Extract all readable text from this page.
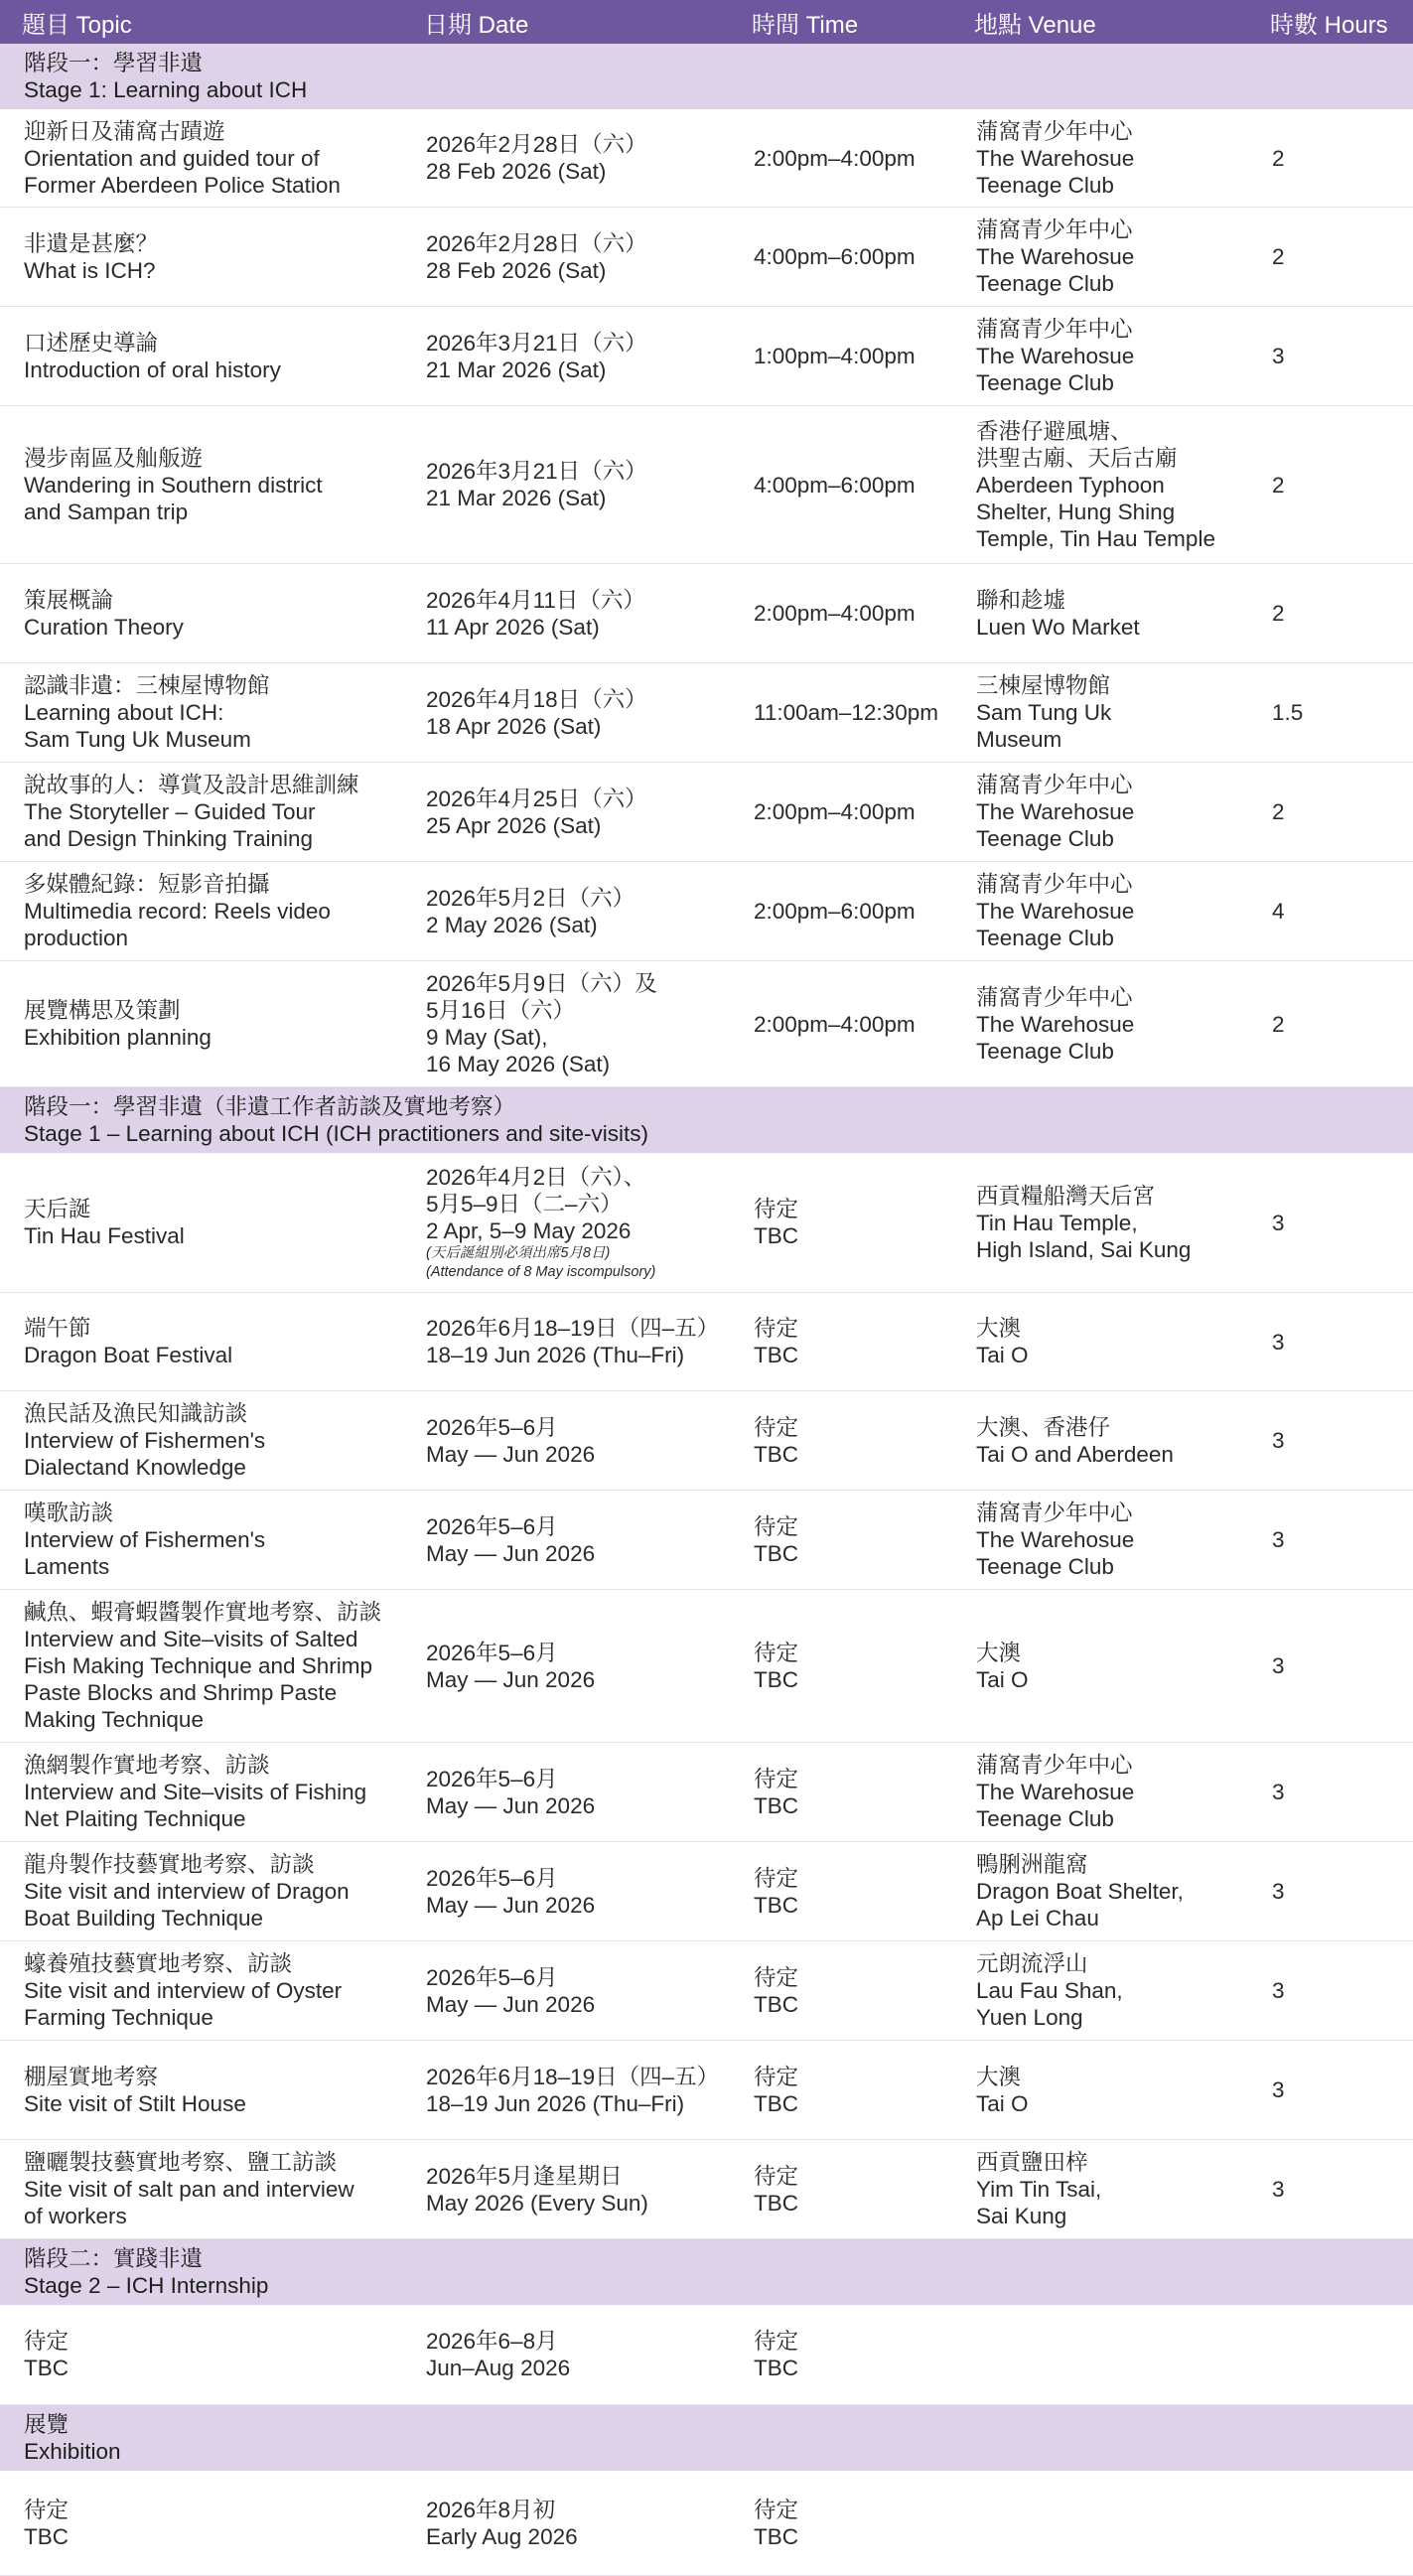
題目 Topic	日期 Date	時間 Time	地點 Venue	時數 Hours

階段一：學習非遺
Stage 1: Learning about ICH				

迎新日及蒲窩古蹟遊
Orientation and guided tour of
Former Aberdeen Police Station	2026年2月28日（六）
28 Feb 2026 (Sat)	2:00pm–4:00pm	蒲窩青少年中心
The Warehosue
Teenage Club	2

非遺是甚麼？
What is ICH?	2026年2月28日（六）
28 Feb 2026 (Sat)	4:00pm–6:00pm	蒲窩青少年中心
The Warehosue
Teenage Club	2

口述歷史導論
Introduction of oral history	2026年3月21日（六）
21 Mar 2026 (Sat)	1:00pm–4:00pm	蒲窩青少年中心
The Warehosue
Teenage Club	3

漫步南區及舢舨遊
Wandering in Southern district
and Sampan trip	2026年3月21日（六）
21 Mar 2026 (Sat)	4:00pm–6:00pm	香港仔避風塘、
洪聖古廟、天后古廟
Aberdeen Typhoon
Shelter, Hung Shing
Temple, Tin Hau Temple	2

策展概論
Curation Theory	2026年4月11日（六）
11 Apr 2026 (Sat)	2:00pm–4:00pm	聯和趁墟
Luen Wo Market	2

認識非遺：三棟屋博物館
Learning about ICH:
Sam Tung Uk Museum	2026年4月18日（六）
18 Apr 2026 (Sat)	11:00am–12:30pm	三棟屋博物館
Sam Tung Uk
Museum	1.5

說故事的人：導賞及設計思維訓練
The Storyteller – Guided Tour
and Design Thinking Training	2026年4月25日（六）
25 Apr 2026 (Sat)	2:00pm–4:00pm	蒲窩青少年中心
The Warehosue
Teenage Club	2

多媒體紀錄：短影音拍攝
Multimedia record: Reels video
production	2026年5月2日（六）
2 May 2026 (Sat)	2:00pm–6:00pm	蒲窩青少年中心
The Warehosue
Teenage Club	4

展覽構思及策劃
Exhibition planning	2026年5月9日（六）及
5月16日（六）
9 May (Sat),
16 May 2026 (Sat)	2:00pm–4:00pm	蒲窩青少年中心
The Warehosue
Teenage Club	2

階段一：學習非遺（非遺工作者訪談及實地考察）
Stage 1 – Learning about ICH (ICH practitioners and site-visits)				

天后誕
Tin Hau Festival	2026年4月2日（六）、
5月5–9日（二–六）
2 Apr, 5–9 May 2026
(天后誕組別必須出席5月8日)
(Attendance of 8 May iscompulsory)	待定
TBC	西貢糧船灣天后宮
Tin Hau Temple,
High Island, Sai Kung	3

端午節
Dragon Boat Festival	2026年6月18–19日（四–五）
18–19 Jun 2026 (Thu–Fri)	待定
TBC	大澳
Tai O	3

漁民話及漁民知識訪談
Interview of Fishermen's
Dialectand Knowledge	2026年5–6月
May — Jun 2026	待定
TBC	大澳、香港仔
Tai O and Aberdeen	3

嘆歌訪談
Interview of Fishermen's
Laments	2026年5–6月
May — Jun 2026	待定
TBC	蒲窩青少年中心
The Warehosue
Teenage Club	3

鹹魚、蝦膏蝦醬製作實地考察、訪談
Interview and Site–visits of Salted
Fish Making Technique and Shrimp
Paste Blocks and Shrimp Paste
Making Technique	2026年5–6月
May — Jun 2026	待定
TBC	大澳
Tai O	3

漁網製作實地考察、訪談
Interview and Site–visits of Fishing
Net Plaiting Technique	2026年5–6月
May — Jun 2026	待定
TBC	蒲窩青少年中心
The Warehosue
Teenage Club	3

龍舟製作技藝實地考察、訪談
Site visit and interview of Dragon
Boat Building Technique	2026年5–6月
May — Jun 2026	待定
TBC	鴨脷洲龍窩
Dragon Boat Shelter,
Ap Lei Chau	3

蠔養殖技藝實地考察、訪談
Site visit and interview of Oyster
Farming Technique	2026年5–6月
May — Jun 2026	待定
TBC	元朗流浮山
Lau Fau Shan,
Yuen Long	3

棚屋實地考察
Site visit of Stilt House	2026年6月18–19日（四–五）
18–19 Jun 2026 (Thu–Fri)	待定
TBC	大澳
Tai O	3

鹽曬製技藝實地考察、鹽工訪談
Site visit of salt pan and interview
of workers	2026年5月逢星期日
May 2026 (Every Sun)	待定
TBC	西貢鹽田梓
Yim Tin Tsai,
Sai Kung	3

階段二：實踐非遺
Stage 2 – ICH Internship				

待定
TBC	2026年6–8月
Jun–Aug 2026	待定
TBC		

展覽
Exhibition				

待定
TBC	2026年8月初
Early Aug 2026	待定
TBC		
